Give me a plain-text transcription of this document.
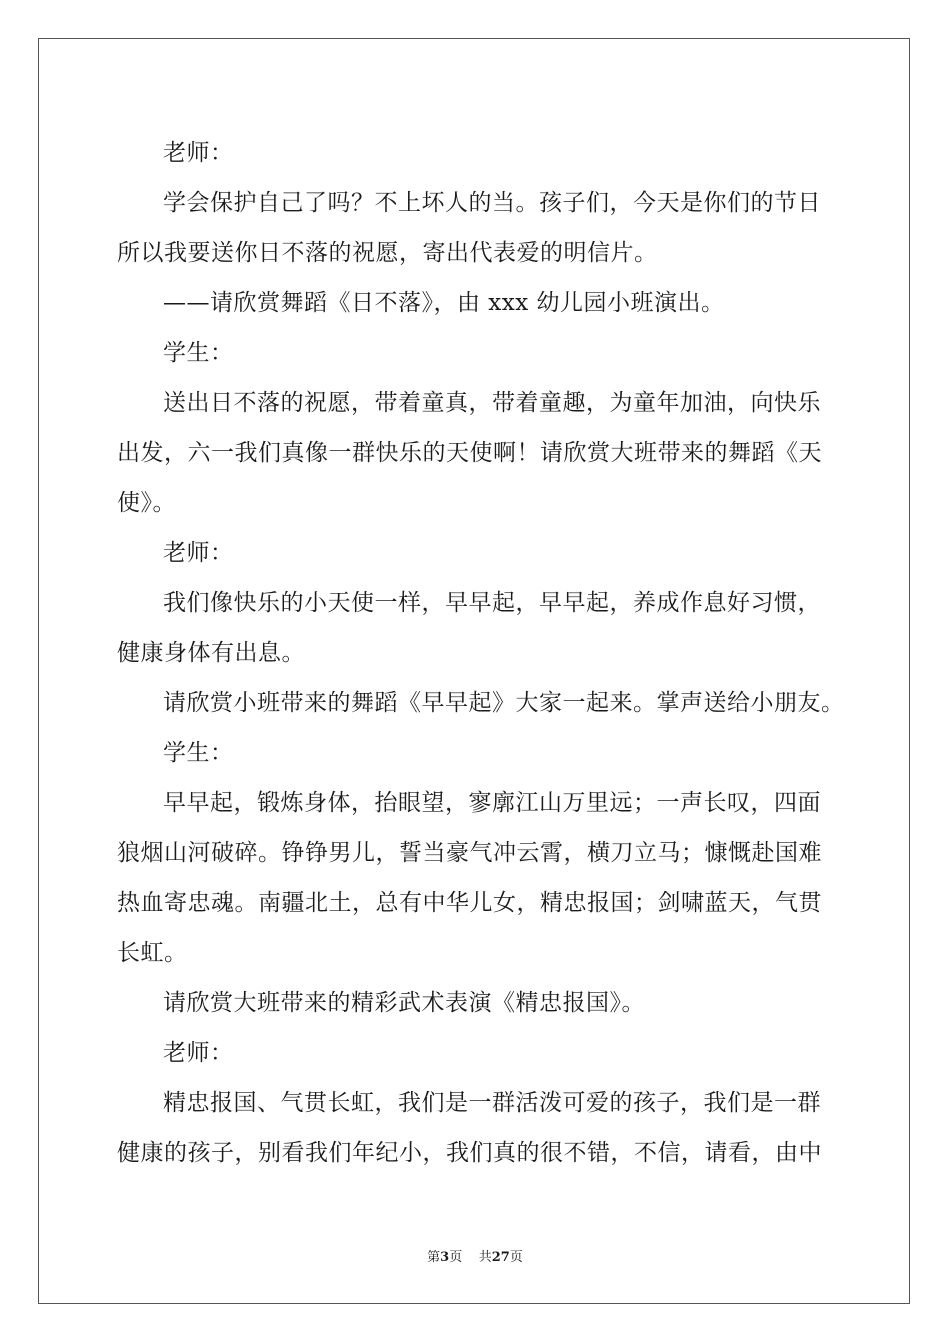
老师：

学会保护自己了吗？不上坏人的当。孩子们，今天是你们的节日

所以我要送你日不落的祝愿，寄出代表爱的明信片。

——请欣赏舞蹈《日不落》，由 xxx 幼儿园小班演出。

学生：

送出日不落的祝愿，带着童真，带着童趣，为童年加油，向快乐

出发，六一我们真像一群快乐的天使啊！请欣赏大班带来的舞蹈《天

使》。

老师：

我们像快乐的小天使一样，早早起，早早起，养成作息好习惯，

健康身体有出息。

请欣赏小班带来的舞蹈《早早起》大家一起来。掌声送给小朋友。

学生：

早早起，锻炼身体，抬眼望，寥廓江山万里远；一声长叹，四面

狼烟山河破碎。铮铮男儿，誓当豪气冲云霄，横刀立马；慷慨赴国难

热血寄忠魂。南疆北土，总有中华儿女，精忠报国；剑啸蓝天，气贯

长虹。

请欣赏大班带来的精彩武术表演《精忠报国》。

老师：

精忠报国、气贯长虹，我们是一群活泼可爱的孩子，我们是一群

健康的孩子，别看我们年纪小，我们真的很不错，不信，请看，由中

第3页 共27页
